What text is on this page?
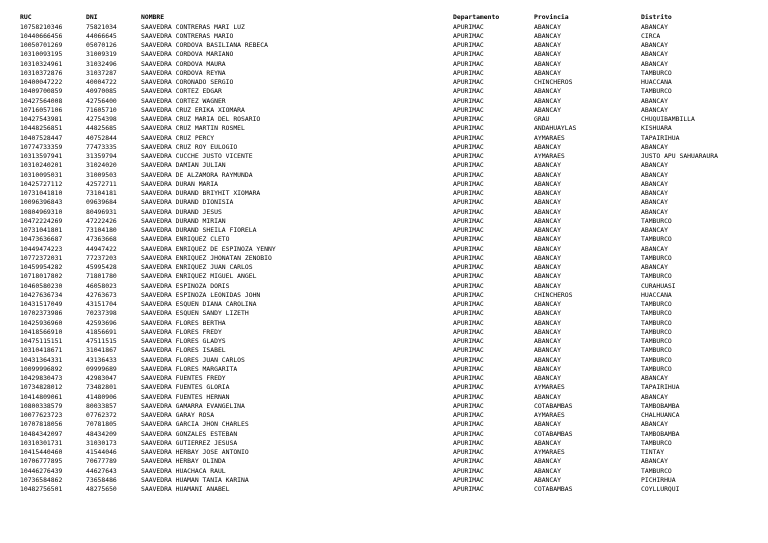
RUC	DNI	NOMBRE	Departamento	Provincia	Distrito
10758210346	75821034	SAAVEDRA CONTRERAS MARI LUZ	APURIMAC	ABANCAY	ABANCAY
10440666456	44066645	SAAVEDRA CONTRERAS MARIO	APURIMAC	ABANCAY	CIRCA
10050701269	05070126	SAAVEDRA CORDOVA BASILIANA REBECA	APURIMAC	ABANCAY	ABANCAY
10310093195	31009319	SAAVEDRA CORDOVA MARIANO	APURIMAC	ABANCAY	ABANCAY
10310324961	31032496	SAAVEDRA CORDOVA MAURA	APURIMAC	ABANCAY	ABANCAY
10310372876	31037287	SAAVEDRA CORDOVA REYNA	APURIMAC	ABANCAY	TAMBURCO
10400047222	40004722	SAAVEDRA CORONADO SERGIO	APURIMAC	CHINCHEROS	HUACCANA
10409700859	40970085	SAAVEDRA CORTEZ EDGAR	APURIMAC	ABANCAY	TAMBURCO
10427564008	42756400	SAAVEDRA CORTEZ WAGNER	APURIMAC	ABANCAY	ABANCAY
10716057106	71605710	SAAVEDRA CRUZ ERIKA XIOMARA	APURIMAC	ABANCAY	ABANCAY
10427543981	42754398	SAAVEDRA CRUZ MARIA DEL ROSARIO	APURIMAC	GRAU	CHUQUIBAMBILLA
10448256851	44825685	SAAVEDRA CRUZ MARTIN ROSMEL	APURIMAC	ANDAHUAYLAS	KISHUARA
10407528447	40752844	SAAVEDRA CRUZ PERCY	APURIMAC	AYMARAES	TAPAIRIHUA
10774733359	77473335	SAAVEDRA CRUZ ROY EULOGIO	APURIMAC	ABANCAY	ABANCAY
10313597941	31359794	SAAVEDRA CUCCHE JUSTO VICENTE	APURIMAC	AYMARAES	JUSTO APU SAHUARAURA
10310240201	31024020	SAAVEDRA DAMIAN JULIAN	APURIMAC	ABANCAY	ABANCAY
10310095031	31009503	SAAVEDRA DE ALZAMORA RAYMUNDA	APURIMAC	ABANCAY	ABANCAY
10425727112	42572711	SAAVEDRA DURAN MARIA	APURIMAC	ABANCAY	ABANCAY
10731041810	73104181	SAAVEDRA DURAND BRIYHIT XIOMARA	APURIMAC	ABANCAY	ABANCAY
10096396843	09639684	SAAVEDRA DURAND DIONISIA	APURIMAC	ABANCAY	ABANCAY
10804969310	80496931	SAAVEDRA DURAND JESUS	APURIMAC	ABANCAY	ABANCAY
10472224269	47222426	SAAVEDRA DURAND MIRIAN	APURIMAC	ABANCAY	TAMBURCO
10731041801	73104180	SAAVEDRA DURAND SHEILA FIORELA	APURIMAC	ABANCAY	ABANCAY
10473636687	47363668	SAAVEDRA ENRIQUEZ CLETO	APURIMAC	ABANCAY	TAMBURCO
10449474223	44947422	SAAVEDRA ENRIQUEZ DE ESPINOZA YENNY	APURIMAC	ABANCAY	ABANCAY
10772372031	77237203	SAAVEDRA ENRIQUEZ JHONATAN ZENOBIO	APURIMAC	ABANCAY	TAMBURCO
10459954282	45995428	SAAVEDRA ENRIQUEZ JUAN CARLOS	APURIMAC	ABANCAY	ABANCAY
10718017802	71801780	SAAVEDRA ENRIQUEZ MIGUEL ANGEL	APURIMAC	ABANCAY	TAMBURCO
10460580230	46058023	SAAVEDRA ESPINOZA DORIS	APURIMAC	ABANCAY	CURAHUASI
10427636734	42763673	SAAVEDRA ESPINOZA LEONIDAS JOHN	APURIMAC	CHINCHEROS	HUACCANA
10431517049	43151704	SAAVEDRA ESQUEN DIANA CAROLINA	APURIMAC	ABANCAY	TAMBURCO
10702373986	70237398	SAAVEDRA ESQUEN SANDY LIZETH	APURIMAC	ABANCAY	TAMBURCO
10425936960	42593696	SAAVEDRA FLORES BERTHA	APURIMAC	ABANCAY	TAMBURCO
10418566910	41856691	SAAVEDRA FLORES FREDY	APURIMAC	ABANCAY	TAMBURCO
10475115151	47511515	SAAVEDRA FLORES GLADYS	APURIMAC	ABANCAY	TAMBURCO
10310418671	31041867	SAAVEDRA FLORES ISABEL	APURIMAC	ABANCAY	TAMBURCO
10431364331	43136433	SAAVEDRA FLORES JUAN CARLOS	APURIMAC	ABANCAY	TAMBURCO
10099996892	09999689	SAAVEDRA FLORES MARGARITA	APURIMAC	ABANCAY	TAMBURCO
10429830473	42983047	SAAVEDRA FUENTES FREDY	APURIMAC	ABANCAY	ABANCAY
10734828012	73482801	SAAVEDRA FUENTES GLORIA	APURIMAC	AYMARAES	TAPAIRIHUA
10414809061	41480906	SAAVEDRA FUENTES HERNAN	APURIMAC	ABANCAY	ABANCAY
10800338579	80033857	SAAVEDRA GAMARRA EVANGELINA	APURIMAC	COTABAMBAS	TAMBOBAMBA
10077623723	07762372	SAAVEDRA GARAY ROSA	APURIMAC	AYMARAES	CHALHUANCA
10707818056	70781805	SAAVEDRA GARCIA JHON CHARLES	APURIMAC	ABANCAY	ABANCAY
10484342097	48434209	SAAVEDRA GONZALES ESTEBAN	APURIMAC	COTABAMBAS	TAMBOBAMBA
10310301731	31030173	SAAVEDRA GUTIERREZ JESUSA	APURIMAC	ABANCAY	TAMBURCO
10415440460	41544046	SAAVEDRA HERBAY JOSE ANTONIO	APURIMAC	AYMARAES	TINTAY
10706777895	70677789	SAAVEDRA HERBAY OLINDA	APURIMAC	ABANCAY	ABANCAY
10446276439	44627643	SAAVEDRA HUACHACA RAUL	APURIMAC	ABANCAY	TAMBURCO
10736584862	73658486	SAAVEDRA HUAMAN TANIA KARINA	APURIMAC	ABANCAY	PICHIRHUA
10482756501	48275650	SAAVEDRA HUAMANI ANABEL	APURIMAC	COTABAMBAS	COYLLURQUI
